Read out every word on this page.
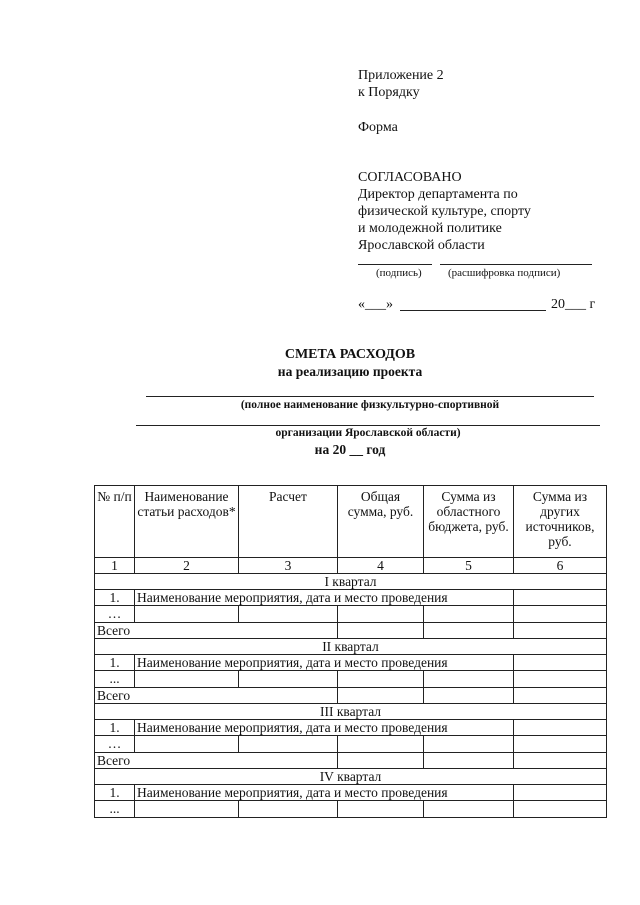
Приложение 2
к Порядку
Форма
СОГЛАСОВАНО
Директор департамента по
физической культуре, спорту
и молодежной политике
Ярославской области
(подпись) (расшифровка подписи)
«___»	20___ г
СМЕТА РАСХОДОВ
на реализацию проекта
(полное наименование физкультурно-спортивной
организации Ярославской области)
на 20 __ год
№ п/п	Наименование статьи расходов*	Расчет	Общая сумма, руб.	Сумма из областного бюджета, руб.	Сумма из других источников, руб.
1	2	3	4	5	6
I квартал					
1.	Наименование мероприятия, дата и место проведения				
…					
Всего					
II квартал					
1.	Наименование мероприятия, дата и место проведения				
...					
Всего					
III квартал					
1.	Наименование мероприятия, дата и место проведения				
…					
Всего					
IV квартал					
1.	Наименование мероприятия, дата и место проведения				
...					
